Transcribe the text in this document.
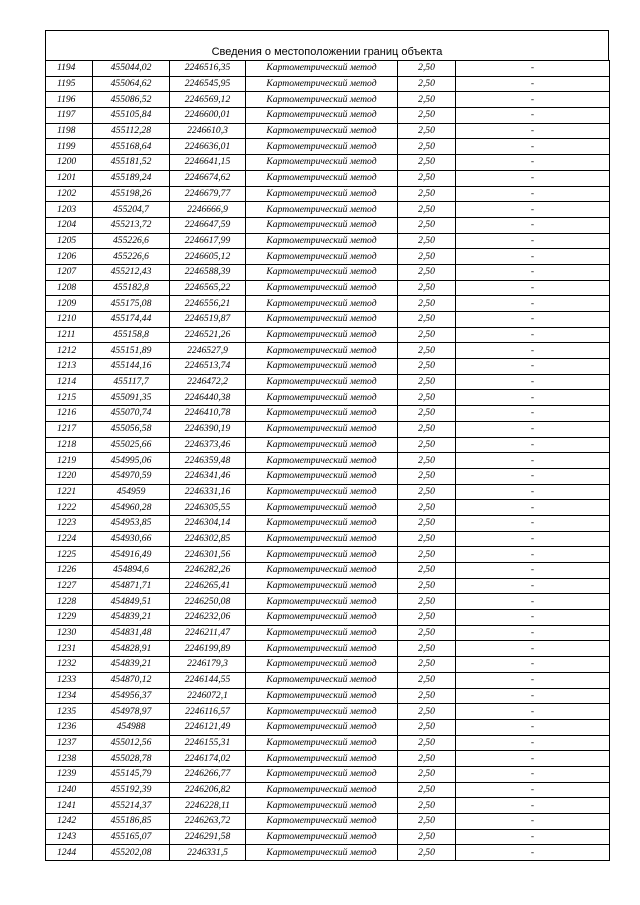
Сведения о местоположении границ объекта
1194	455044,02	2246516,35	Картометрический метод	2,50	-
1195	455064,62	2246545,95	Картометрический метод	2,50	-
1196	455086,52	2246569,12	Картометрический метод	2,50	-
1197	455105,84	2246600,01	Картометрический метод	2,50	-
1198	455112,28	2246610,3	Картометрический метод	2,50	-
1199	455168,64	2246636,01	Картометрический метод	2,50	-
1200	455181,52	2246641,15	Картометрический метод	2,50	-
1201	455189,24	2246674,62	Картометрический метод	2,50	-
1202	455198,26	2246679,77	Картометрический метод	2,50	-
1203	455204,7	2246666,9	Картометрический метод	2,50	-
1204	455213,72	2246647,59	Картометрический метод	2,50	-
1205	455226,6	2246617,99	Картометрический метод	2,50	-
1206	455226,6	2246605,12	Картометрический метод	2,50	-
1207	455212,43	2246588,39	Картометрический метод	2,50	-
1208	455182,8	2246565,22	Картометрический метод	2,50	-
1209	455175,08	2246556,21	Картометрический метод	2,50	-
1210	455174,44	2246519,87	Картометрический метод	2,50	-
1211	455158,8	2246521,26	Картометрический метод	2,50	-
1212	455151,89	2246527,9	Картометрический метод	2,50	-
1213	455144,16	2246513,74	Картометрический метод	2,50	-
1214	455117,7	2246472,2	Картометрический метод	2,50	-
1215	455091,35	2246440,38	Картометрический метод	2,50	-
1216	455070,74	2246410,78	Картометрический метод	2,50	-
1217	455056,58	2246390,19	Картометрический метод	2,50	-
1218	455025,66	2246373,46	Картометрический метод	2,50	-
1219	454995,06	2246359,48	Картометрический метод	2,50	-
1220	454970,59	2246341,46	Картометрический метод	2,50	-
1221	454959	2246331,16	Картометрический метод	2,50	-
1222	454960,28	2246305,55	Картометрический метод	2,50	-
1223	454953,85	2246304,14	Картометрический метод	2,50	-
1224	454930,66	2246302,85	Картометрический метод	2,50	-
1225	454916,49	2246301,56	Картометрический метод	2,50	-
1226	454894,6	2246282,26	Картометрический метод	2,50	-
1227	454871,71	2246265,41	Картометрический метод	2,50	-
1228	454849,51	2246250,08	Картометрический метод	2,50	-
1229	454839,21	2246232,06	Картометрический метод	2,50	-
1230	454831,48	2246211,47	Картометрический метод	2,50	-
1231	454828,91	2246199,89	Картометрический метод	2,50	-
1232	454839,21	2246179,3	Картометрический метод	2,50	-
1233	454870,12	2246144,55	Картометрический метод	2,50	-
1234	454956,37	2246072,1	Картометрический метод	2,50	-
1235	454978,97	2246116,57	Картометрический метод	2,50	-
1236	454988	2246121,49	Картометрический метод	2,50	-
1237	455012,56	2246155,31	Картометрический метод	2,50	-
1238	455028,78	2246174,02	Картометрический метод	2,50	-
1239	455145,79	2246266,77	Картометрический метод	2,50	-
1240	455192,39	2246206,82	Картометрический метод	2,50	-
1241	455214,37	2246228,11	Картометрический метод	2,50	-
1242	455186,85	2246263,72	Картометрический метод	2,50	-
1243	455165,07	2246291,58	Картометрический метод	2,50	-
1244	455202,08	2246331,5	Картометрический метод	2,50	-
